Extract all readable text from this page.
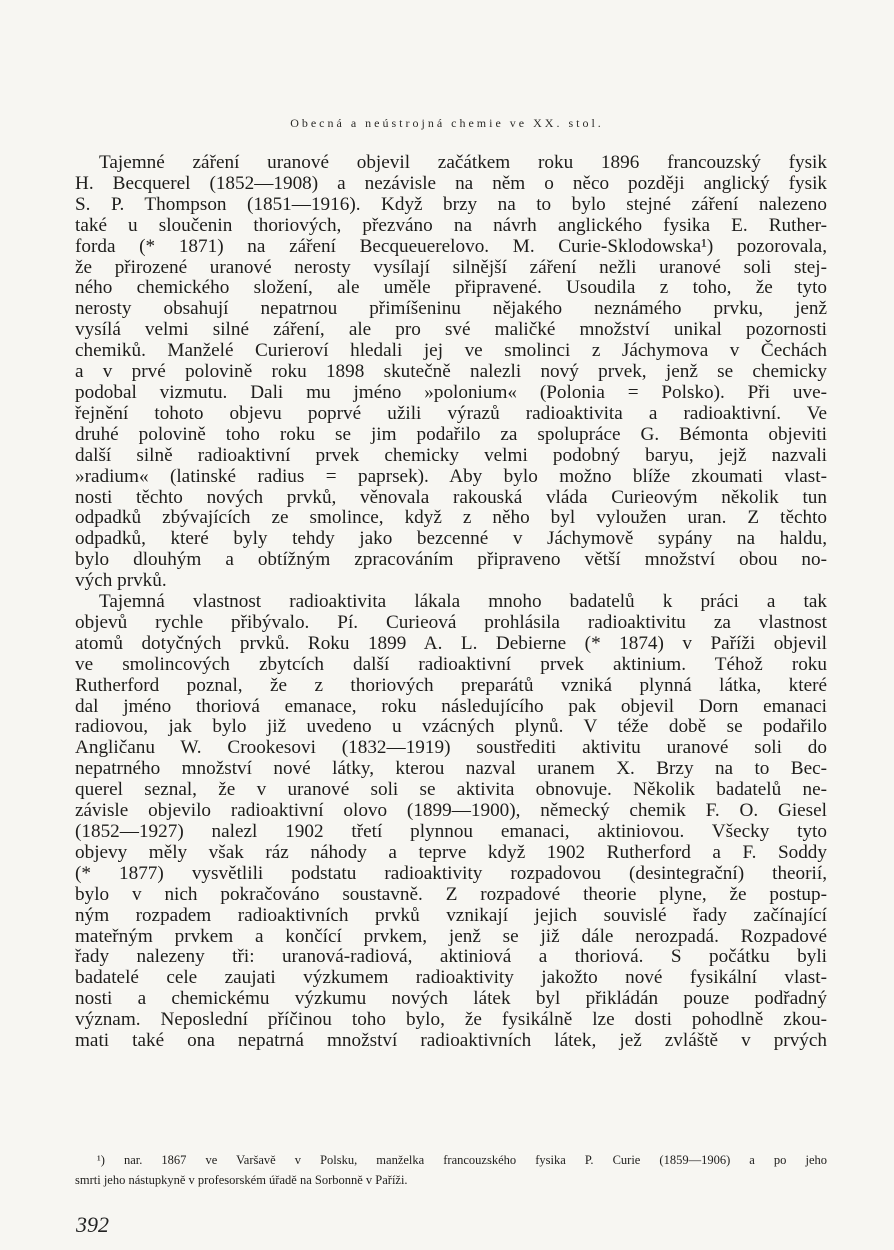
Obecná a neústrojná chemie ve XX. stol.
Tajemné záření uranové objevil začátkem roku 1896 francouzský fysik
H. Becquerel (1852—1908) a nezávisle na něm o něco později anglický fysik
S. P. Thompson (1851—1916). Když brzy na to bylo stejné záření nalezeno
také u sloučenin thoriových, přezváno na návrh anglického fysika E. Ruther-
forda (* 1871) na záření Becqueuerelovo. M. Curie-Sklodowska¹) pozorovala,
že přirozené uranové nerosty vysílají silnější záření nežli uranové soli stej-
ného chemického složení, ale uměle připravené. Usoudila z toho, že tyto
nerosty obsahují nepatrnou přimíšeninu nějakého neznámého prvku, jenž
vysílá velmi silné záření, ale pro své maličké množství unikal pozornosti
chemiků. Manželé Curieroví hledali jej ve smolinci z Jáchymova v Čechách
a v prvé polovině roku 1898 skutečně nalezli nový prvek, jenž se chemicky
podobal vizmutu. Dali mu jméno »polonium« (Polonia = Polsko). Při uve-
řejnění tohoto objevu poprvé užili výrazů radioaktivita a radioaktivní. Ve
druhé polovině toho roku se jim podařilo za spolupráce G. Bémonta objeviti
další silně radioaktivní prvek chemicky velmi podobný baryu, jejž nazvali
»radium« (latinské radius = paprsek). Aby bylo možno blíže zkoumati vlast-
nosti těchto nových prvků, věnovala rakouská vláda Curieovým několik tun
odpadků zbývajících ze smolince, když z něho byl vyloužen uran. Z těchto
odpadků, které byly tehdy jako bezcenné v Jáchymově sypány na haldu,
bylo dlouhým a obtížným zpracováním připraveno větší množství obou no-
vých prvků.
Tajemná vlastnost radioaktivita lákala mnoho badatelů k práci a tak
objevů rychle přibývalo. Pí. Curieová prohlásila radioaktivitu za vlastnost
atomů dotyčných prvků. Roku 1899 A. L. Debierne (* 1874) v Paříži objevil
ve smolincových zbytcích další radioaktivní prvek aktinium. Téhož roku
Rutherford poznal, že z thoriových preparátů vzniká plynná látka, které
dal jméno thoriová emanace, roku následujícího pak objevil Dorn emanaci
radiovou, jak bylo již uvedeno u vzácných plynů. V téže době se podařilo
Angličanu W. Crookesovi (1832—1919) soustřediti aktivitu uranové soli do
nepatrného množství nové látky, kterou nazval uranem X. Brzy na to Bec-
querel seznal, že v uranové soli se aktivita obnovuje. Několik badatelů ne-
závisle objevilo radioaktivní olovo (1899—1900), německý chemik F. O. Giesel
(1852—1927) nalezl 1902 třetí plynnou emanaci, aktiniovou. Všecky tyto
objevy měly však ráz náhody a teprve když 1902 Rutherford a F. Soddy
(* 1877) vysvětlili podstatu radioaktivity rozpadovou (desintegrační) theorií,
bylo v nich pokračováno soustavně. Z rozpadové theorie plyne, že postup-
ným rozpadem radioaktivních prvků vznikají jejich souvislé řady začínající
mateřným prvkem a končící prvkem, jenž se již dále nerozpadá. Rozpadové
řady nalezeny tři: uranová-radiová, aktiniová a thoriová. S počátku byli
badatelé cele zaujati výzkumem radioaktivity jakožto nové fysikální vlast-
nosti a chemickému výzkumu nových látek byl přikládán pouze podřadný
význam. Neposlední příčinou toho bylo, že fysikálně lze dosti pohodlně zkou-
mati také ona nepatrná množství radioaktivních látek, jež zvláště v prvých
¹) nar. 1867 ve Varšavě v Polsku, manželka francouzského fysika P. Curie (1859—1906) a po jeho
smrti jeho nástupkyně v profesorském úřadě na Sorbonně v Paříži.
392
